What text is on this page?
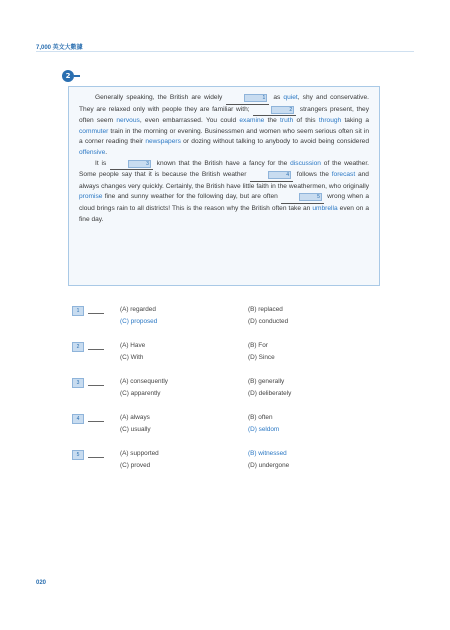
7,000 英文大數據
2

Generally speaking, the British are widely	1 as quiet, shy and conservative. They are relaxed only with people they are familiar with;	2 strangers present, they often seem nervous, even embarrassed. You could examine the truth of this through taking a commuter train in the morning or evening. Businessmen and women who seem serious often sit in a corner reading their newspapers or dozing without talking to anybody to avoid being considered offensive.

It is	3 known that the British have a fancy for the discussion of the weather. Some people say that it is because the British weather	4 follows the forecast and always changes very quickly. Certainly, the British have little faith in the weathermen, who originally promise fine and sunny weather for the following day, but are often	5 wrong when a cloud brings rain to all districts! This is the reason why the British often take an umbrella even on a fine day.

1	(A) regarded	(B) replaced
(C) proposed	(D) conducted
2	(A) Have	(B) For
(C) With	(D) Since
3	(A) consequently	(B) generally
(C) apparently	(D) deliberately
4	(A) always	(B) often
(C) usually	(D) seldom
5	(A) supported	(B) witnessed
(C) proved	(D) undergone
020
